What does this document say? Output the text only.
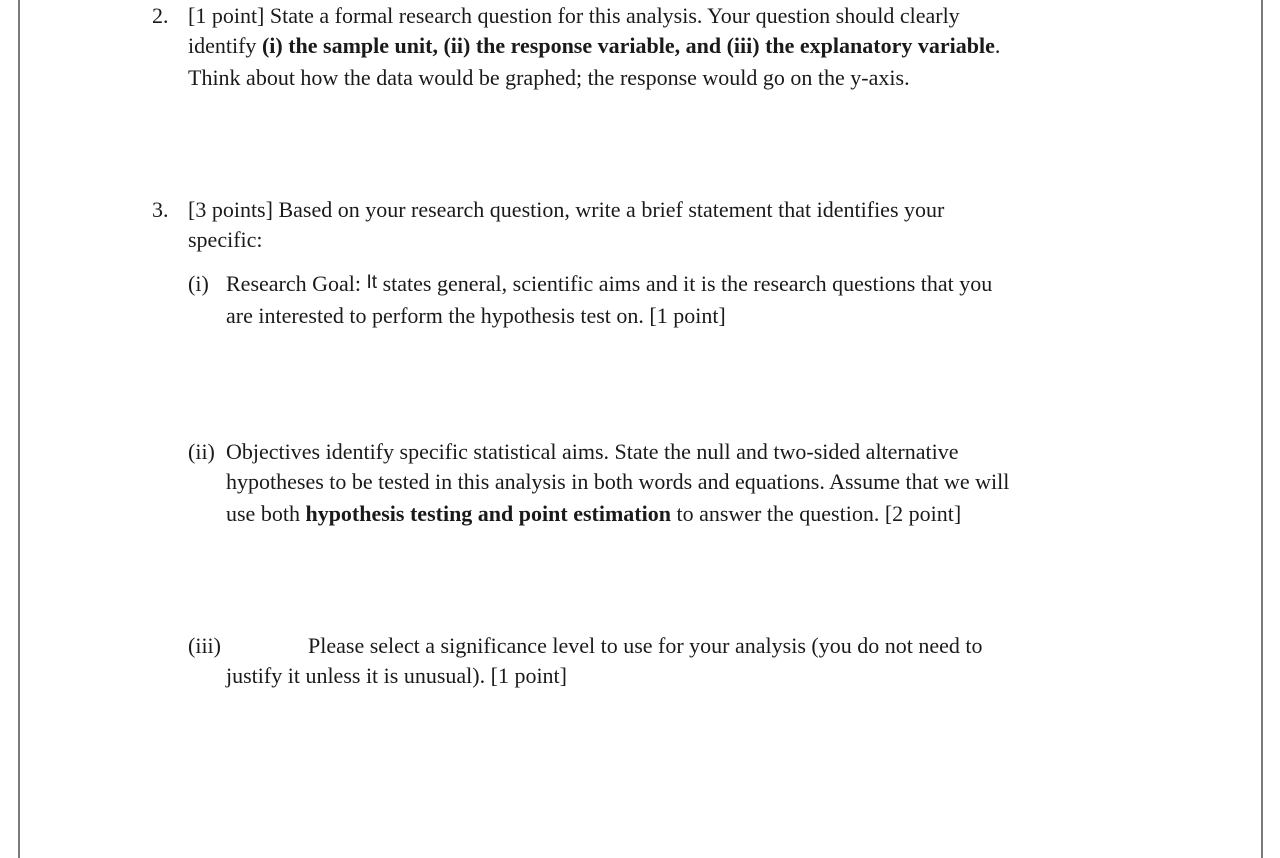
2. [1 point] State a formal research question for this analysis. Your question should clearly
identify (i) the sample unit, (ii) the response variable, and (iii) the explanatory variable.
Think about how the data would be graphed; the response would go on the y-axis.
3. [3 points] Based on your research question, write a brief statement that identifies your
specific:
(i) Research Goal: It states general, scientific aims and it is the research questions that you
are interested to perform the hypothesis test on. [1 point]
(ii) Objectives identify specific statistical aims. State the null and two-sided alternative
hypotheses to be tested in this analysis in both words and equations. Assume that we will
use both hypothesis testing and point estimation to answer the question. [2 point]
(iii)	Please select a significance level to use for your analysis (you do not need to
justify it unless it is unusual). [1 point]
